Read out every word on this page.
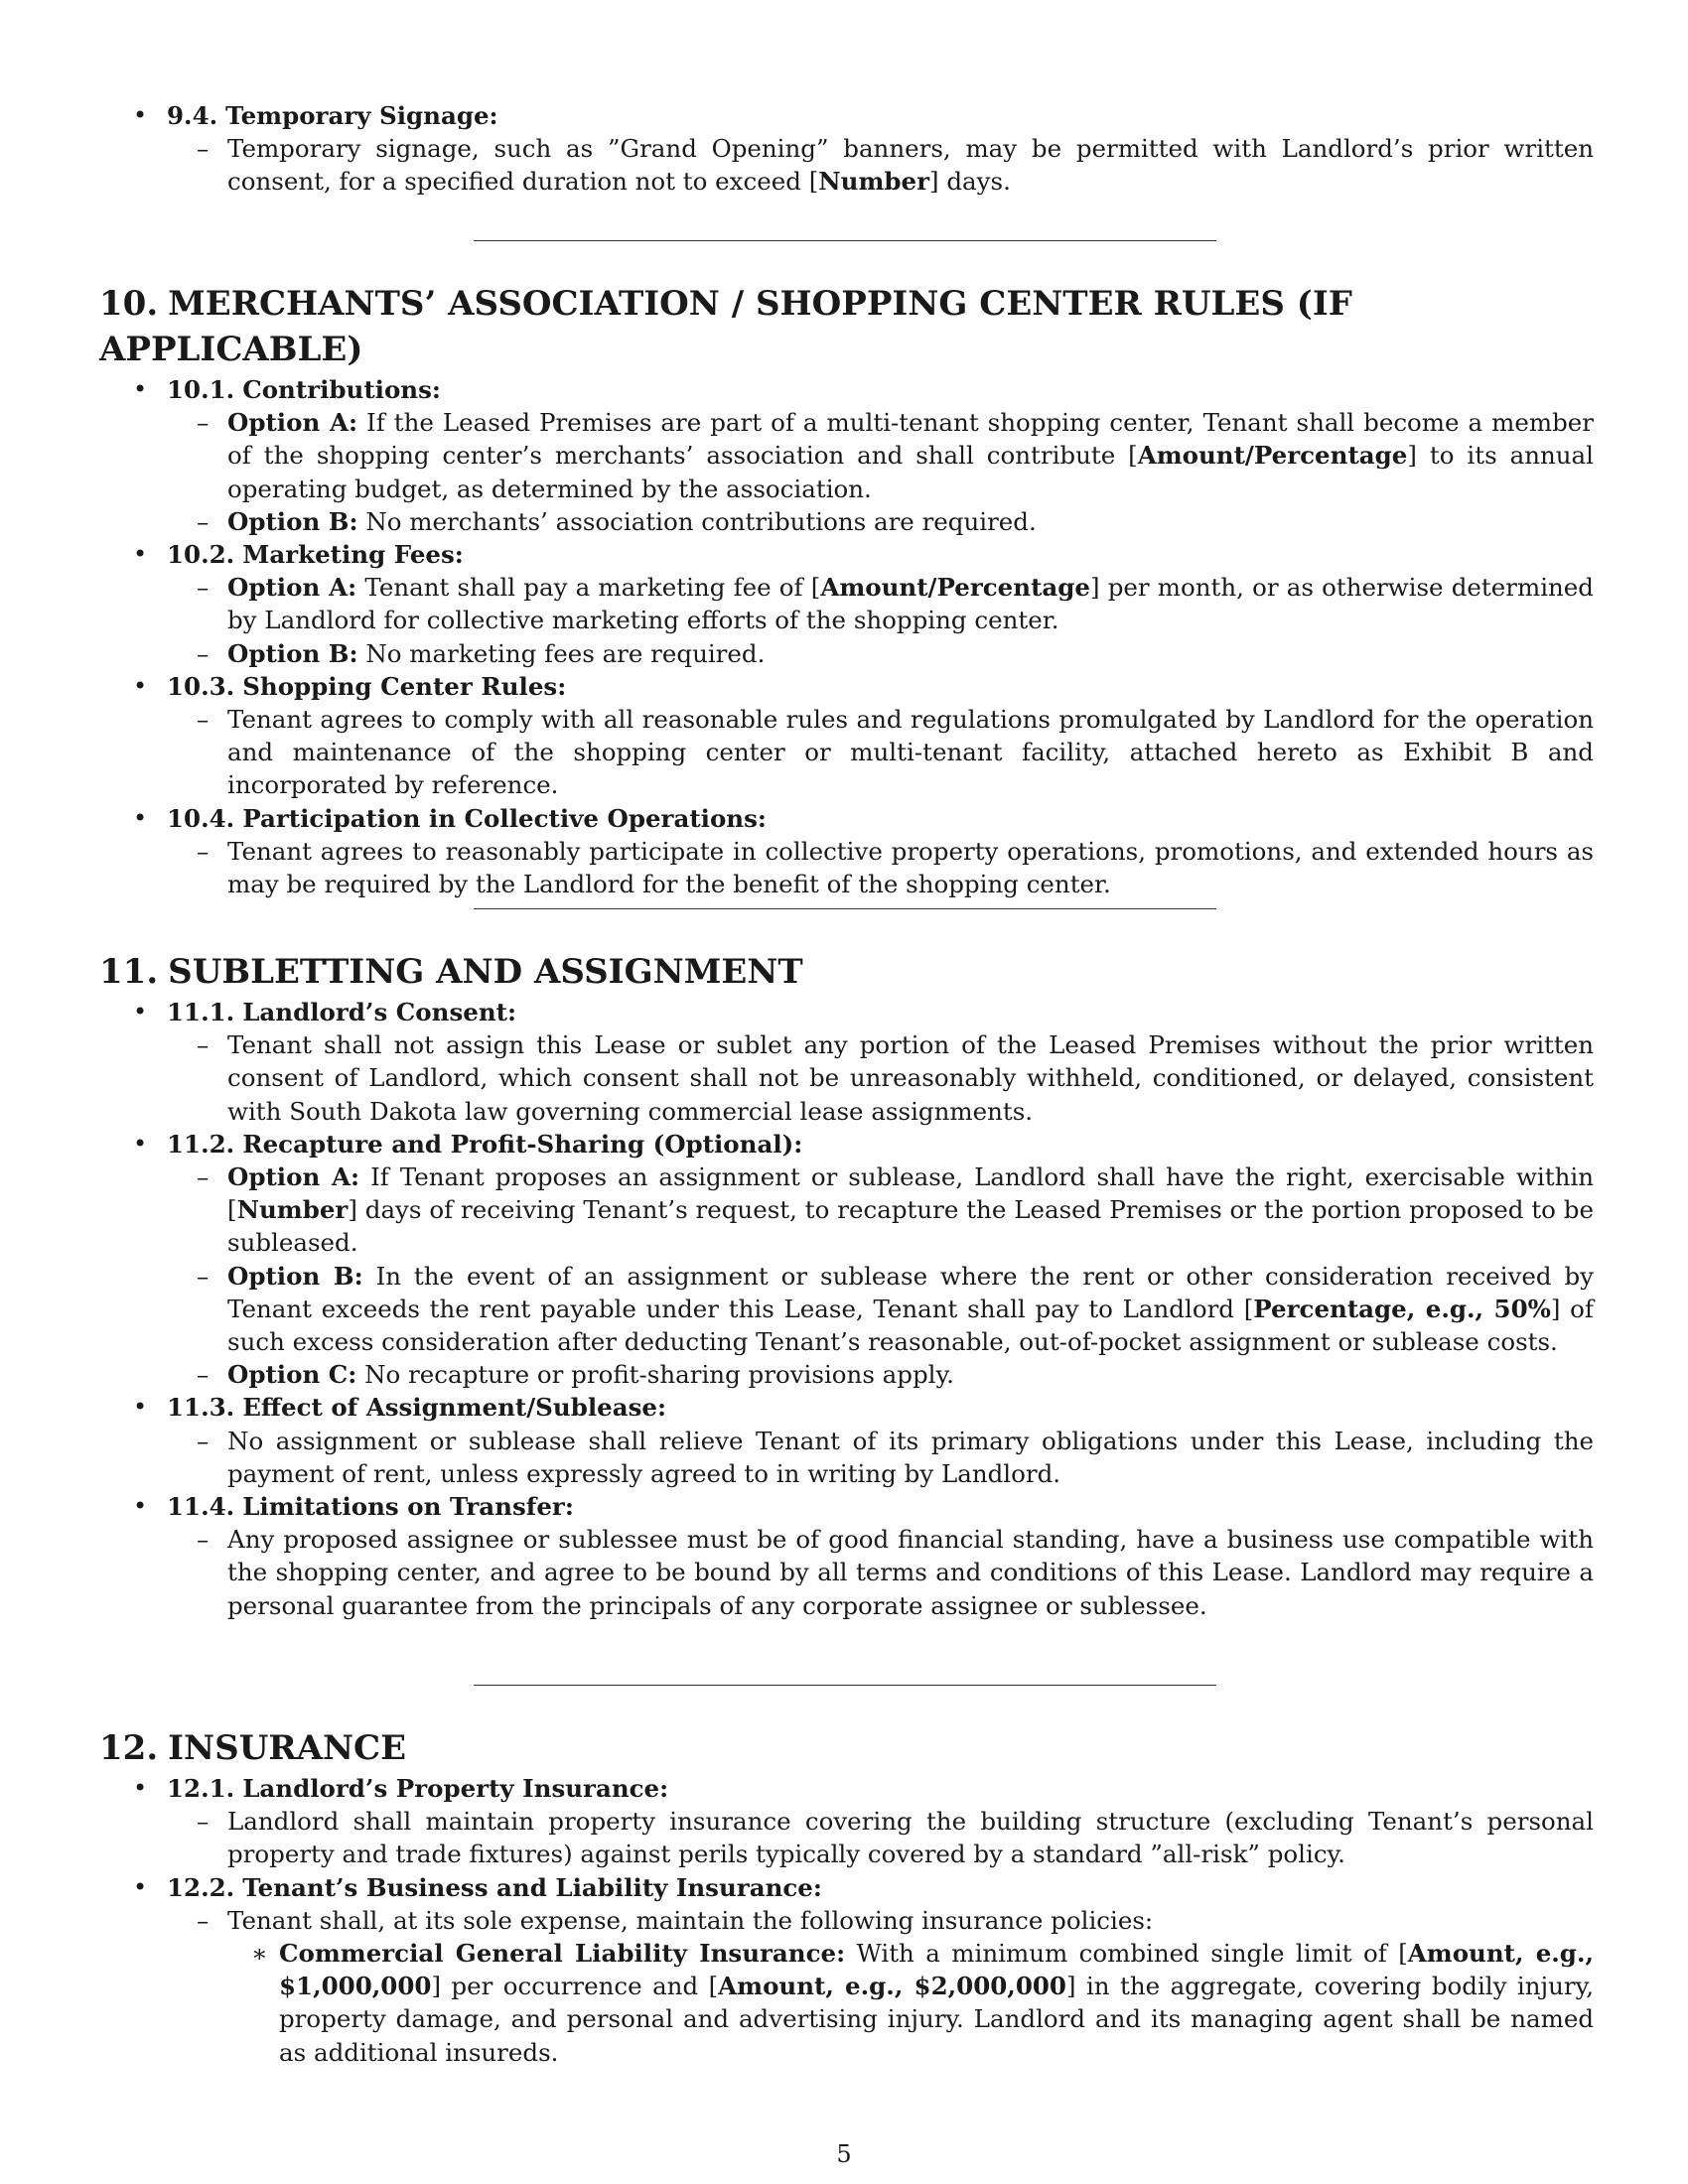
• 9.4. Temporary Signage:
– Temporary signage, such as ”Grand Opening” banners, may be permitted with Landlord’s prior written consent, for a specified duration not to exceed [Number] days.
10. MERCHANTS’ ASSOCIATION / SHOPPING CENTER RULES (IF APPLICABLE)
• 10.1. Contributions:
– Option A: If the Leased Premises are part of a multi-tenant shopping center, Tenant shall become a member of the shopping center’s merchants’ association and shall contribute [Amount/Percentage] to its annual operating budget, as determined by the association.
– Option B: No merchants’ association contributions are required.
• 10.2. Marketing Fees:
– Option A: Tenant shall pay a marketing fee of [Amount/Percentage] per month, or as otherwise determined by Landlord for collective marketing efforts of the shopping center.
– Option B: No marketing fees are required.
• 10.3. Shopping Center Rules:
– Tenant agrees to comply with all reasonable rules and regulations promulgated by Landlord for the operation and maintenance of the shopping center or multi-tenant facility, attached hereto as Exhibit B and incorporated by reference.
• 10.4. Participation in Collective Operations:
– Tenant agrees to reasonably participate in collective property operations, promotions, and extended hours as may be required by the Landlord for the benefit of the shopping center.
11. SUBLETTING AND ASSIGNMENT
• 11.1. Landlord’s Consent:
– Tenant shall not assign this Lease or sublet any portion of the Leased Premises without the prior written consent of Landlord, which consent shall not be unreasonably withheld, conditioned, or delayed, consistent with South Dakota law governing commercial lease assignments.
• 11.2. Recapture and Profit-Sharing (Optional):
– Option A: If Tenant proposes an assignment or sublease, Landlord shall have the right, exercisable within [Number] days of receiving Tenant’s request, to recapture the Leased Premises or the portion proposed to be subleased.
– Option B: In the event of an assignment or sublease where the rent or other consideration received by Tenant exceeds the rent payable under this Lease, Tenant shall pay to Landlord [Percentage, e.g., 50%] of such excess consideration after deducting Tenant’s reasonable, out-of-pocket assignment or sublease costs.
– Option C: No recapture or profit-sharing provisions apply.
• 11.3. Effect of Assignment/Sublease:
– No assignment or sublease shall relieve Tenant of its primary obligations under this Lease, including the payment of rent, unless expressly agreed to in writing by Landlord.
• 11.4. Limitations on Transfer:
– Any proposed assignee or sublessee must be of good financial standing, have a business use compatible with the shopping center, and agree to be bound by all terms and conditions of this Lease. Landlord may require a personal guarantee from the principals of any corporate assignee or sublessee.
12. INSURANCE
• 12.1. Landlord’s Property Insurance:
– Landlord shall maintain property insurance covering the building structure (excluding Tenant’s personal property and trade fixtures) against perils typically covered by a standard ”all-risk” policy.
• 12.2. Tenant’s Business and Liability Insurance:
– Tenant shall, at its sole expense, maintain the following insurance policies:
∗ Commercial General Liability Insurance: With a minimum combined single limit of [Amount, e.g., $1,000,000] per occurrence and [Amount, e.g., $2,000,000] in the aggregate, covering bodily injury, property damage, and personal and advertising injury. Landlord and its managing agent shall be named as additional insureds.
5
